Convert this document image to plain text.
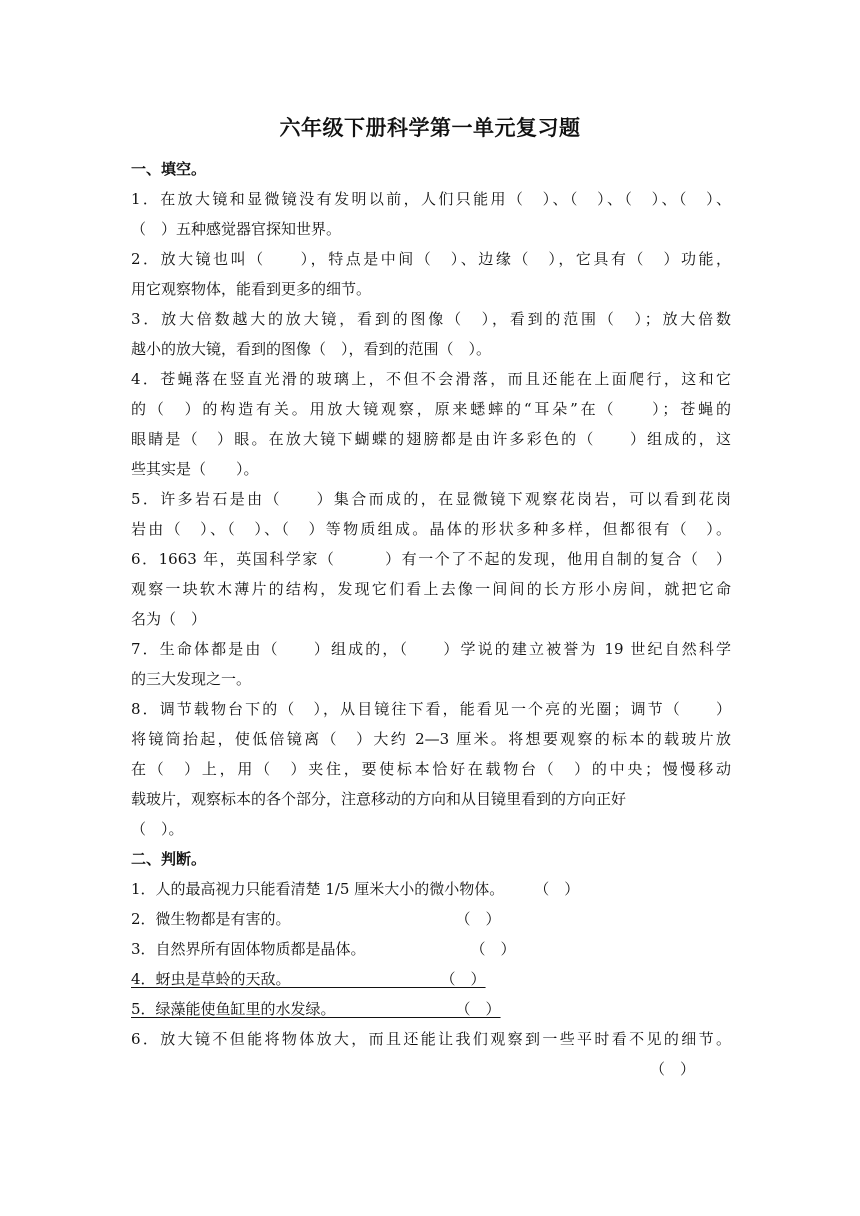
六年级下册科学第一单元复习题
一、填空。
1．在放大镜和显微镜没有发明以前，人们只能用（　）、（　）、（　）、（　）、
（　）五种感觉器官探知世界。
2．放大镜也叫（　　），特点是中间（　）、边缘（　），它具有（　）功能，
用它观察物体，能看到更多的细节。
3．放大倍数越大的放大镜，看到的图像（　），看到的范围（　）；放大倍数
越小的放大镜，看到的图像（　），看到的范围（　）。
4．苍蝇落在竖直光滑的玻璃上，不但不会滑落，而且还能在上面爬行，这和它
的（　）的构造有关。用放大镜观察，原来蟋蟀的“耳朵”在（　　）；苍蝇的
眼睛是（　）眼。在放大镜下蝴蝶的翅膀都是由许多彩色的（　　）组成的，这
些其实是（　　）。
5．许多岩石是由（　　）集合而成的，在显微镜下观察花岗岩，可以看到花岗
岩由（　）、（　）、（　）等物质组成。晶体的形状多种多样，但都很有（　）。
6．1663 年，英国科学家（　　　）有一个了不起的发现，他用自制的复合（　）
观察一块软木薄片的结构，发现它们看上去像一间间的长方形小房间，就把它命
名为（　）
7．生命体都是由（　　）组成的，（　　）学说的建立被誉为 19 世纪自然科学
的三大发现之一。
8．调节载物台下的（　），从目镜往下看，能看见一个亮的光圈；调节（　　）
将镜筒抬起，使低倍镜离（　）大约 2—3 厘米。将想要观察的标本的载玻片放
在（　）上，用（　）夹住，要使标本恰好在载物台（　）的中央；慢慢移动
载玻片，观察标本的各个部分，注意移动的方向和从目镜里看到的方向正好
（　）。
二、判断。
1．人的最高视力只能看清楚 1/5 厘米大小的微小物体。　　　（　）
2．微生物都是有害的。　　　　　　　　　　　　（　）
3．自然界所有固体物质都是晶体。　　　　　　　　（　）
4．蚜虫是草蛉的天敌。　　　　　　　　　　　（　）
5．绿藻能使鱼缸里的水发绿。　　　　　　　　　（　）
6．放大镜不但能将物体放大，而且还能让我们观察到一些平时看不见的细节。
（　）
